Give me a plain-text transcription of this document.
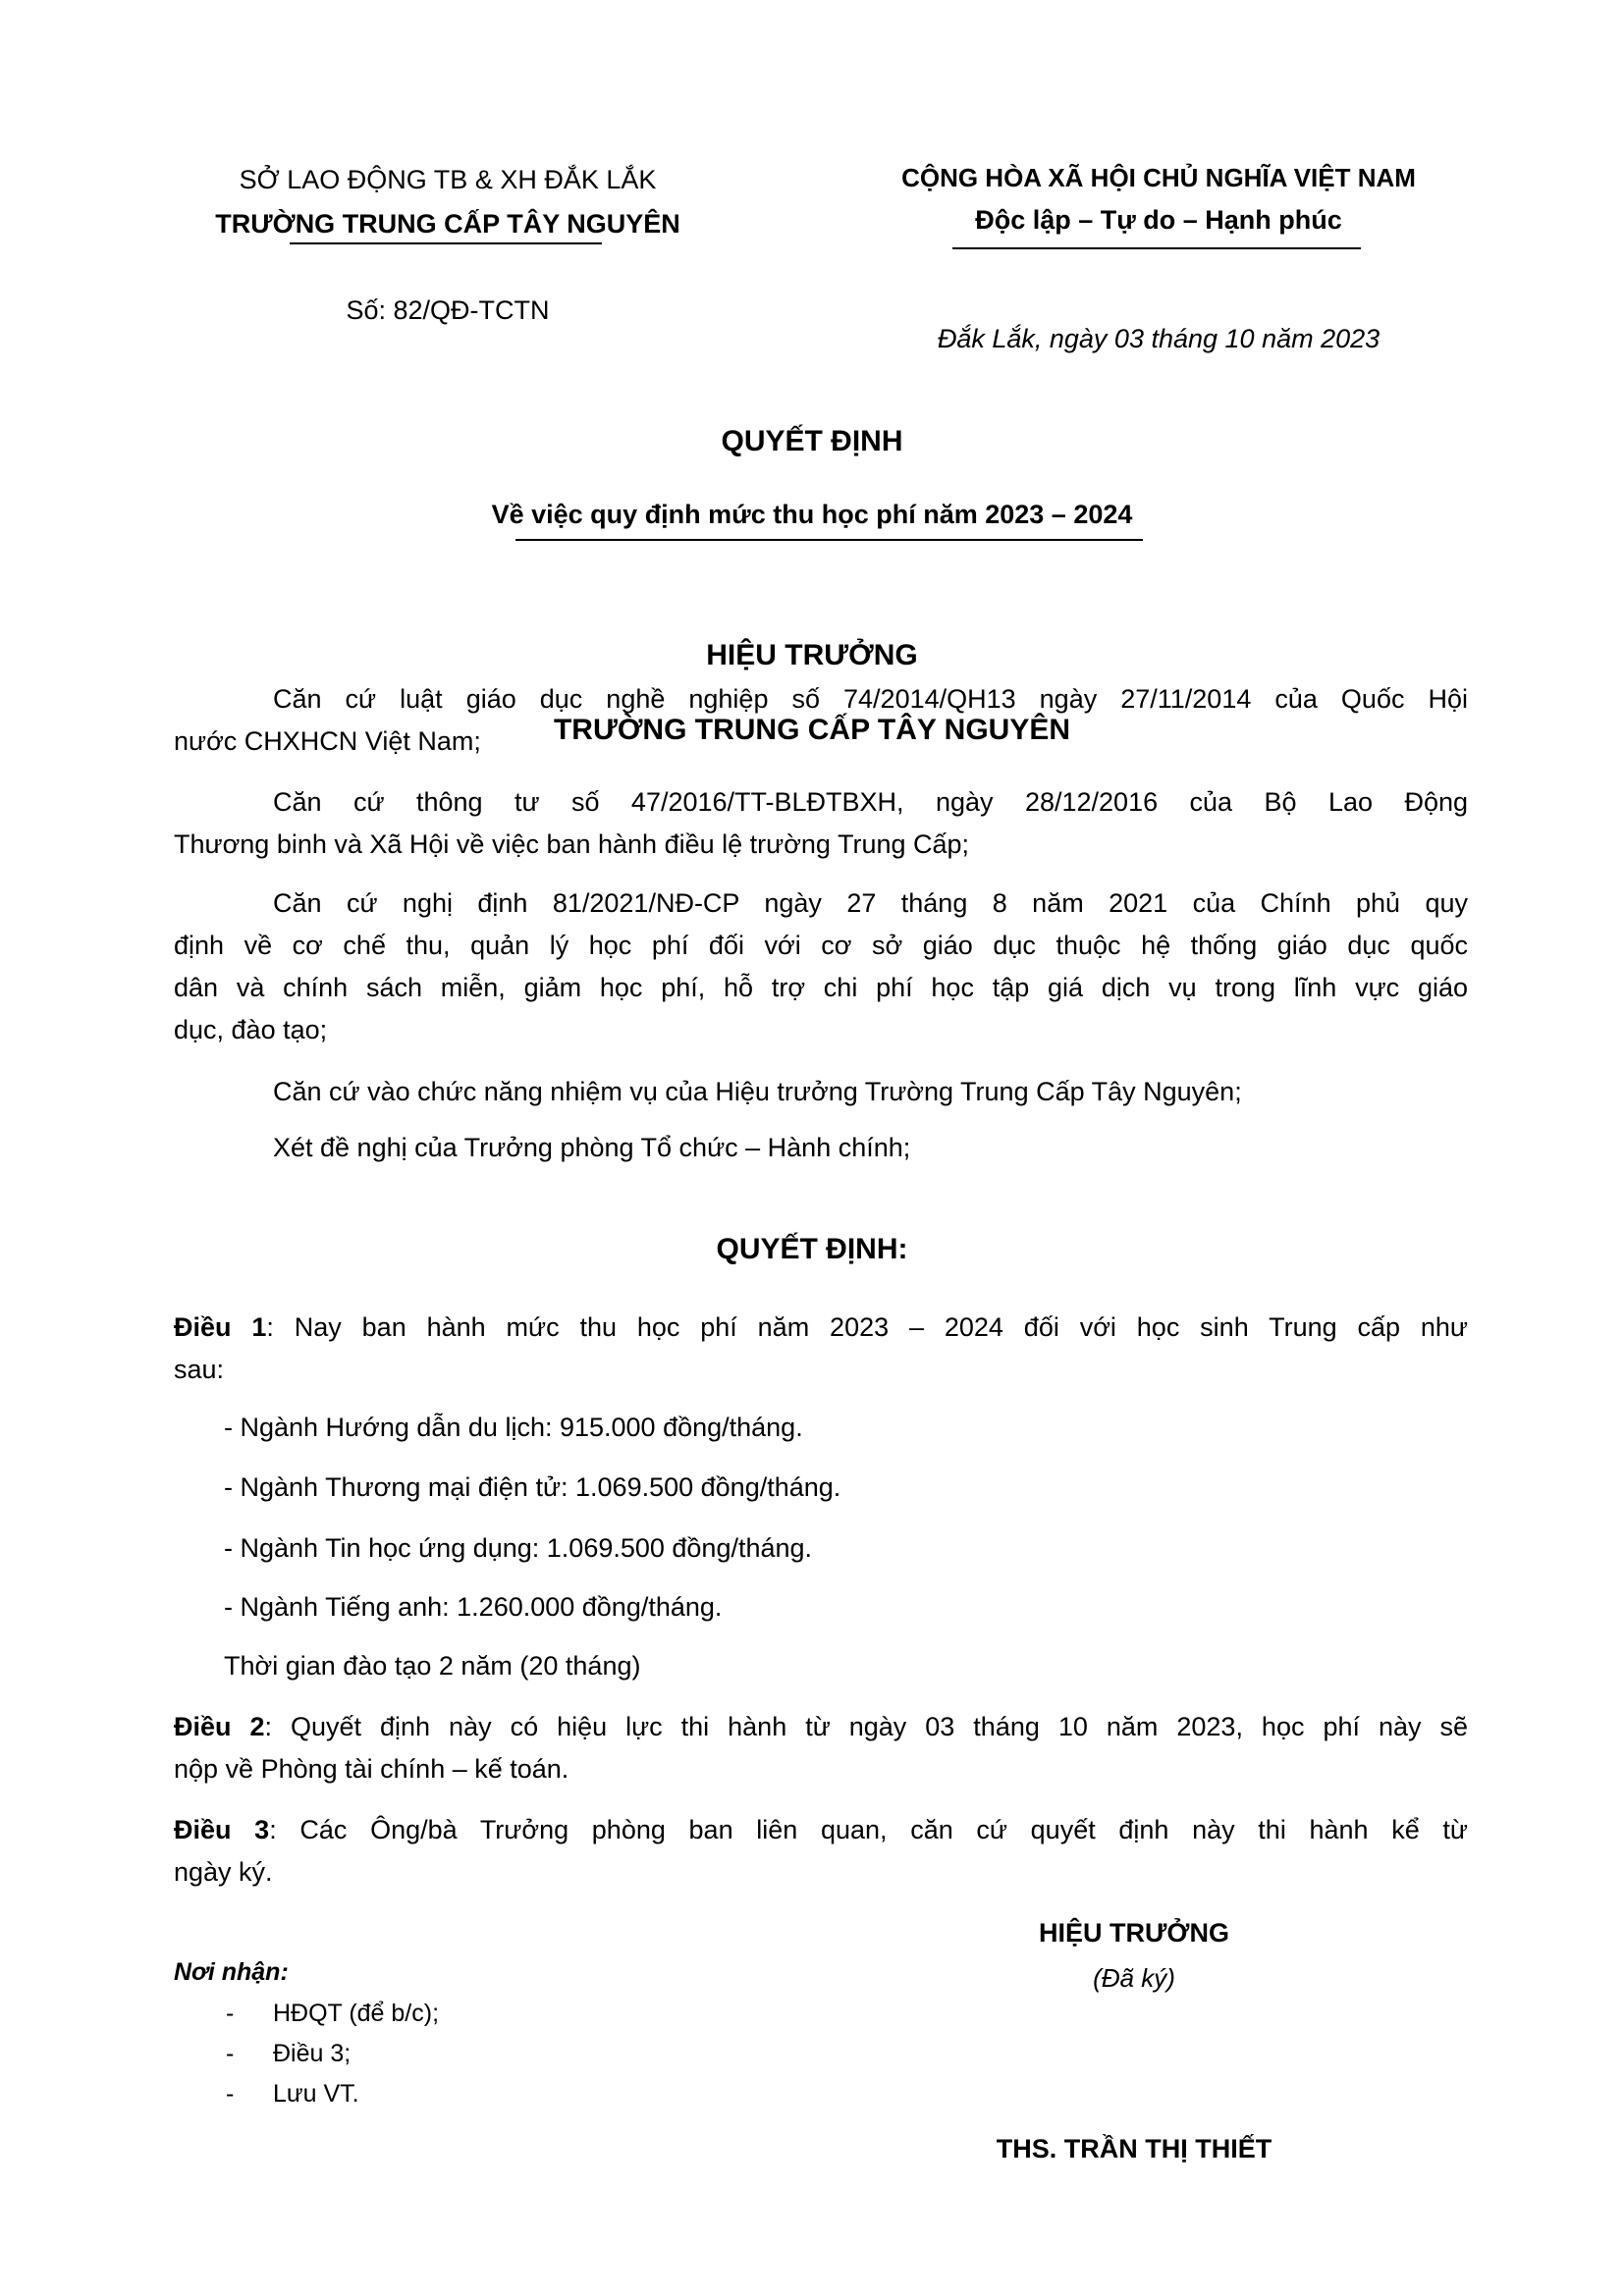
SỞ LAO ĐỘNG TB & XH ĐẮK LẮK
TRƯỜNG TRUNG CẤP TÂY NGUYÊN
Số: 82/QĐ-TCTN
CỘNG HÒA XÃ HỘI CHỦ NGHĨA VIỆT NAM
Độc lập – Tự do – Hạnh phúc
Đắk Lắk, ngày 03 tháng 10 năm 2023
QUYẾT ĐỊNH
Về việc quy định mức thu học phí năm 2023 – 2024
HIỆU TRƯỞNG
TRƯỜNG TRUNG CẤP TÂY NGUYÊN
Căn cứ luật giáo dục nghề nghiệp số 74/2014/QH13 ngày 27/11/2014 của Quốc Hội
nước CHXHCN Việt Nam;
Căn cứ thông tư số 47/2016/TT-BLĐTBXH, ngày 28/12/2016 của Bộ Lao Động
Thương binh và Xã Hội về việc ban hành điều lệ trường Trung Cấp;
Căn cứ nghị định 81/2021/NĐ-CP ngày 27 tháng 8 năm 2021 của Chính phủ quy
định về cơ chế thu, quản lý học phí đối với cơ sở giáo dục thuộc hệ thống giáo dục quốc
dân và chính sách miễn, giảm học phí, hỗ trợ chi phí học tập giá dịch vụ trong lĩnh vực giáo
dục, đào tạo;
Căn cứ vào chức năng nhiệm vụ của Hiệu trưởng Trường Trung Cấp Tây Nguyên;
Xét đề nghị của Trưởng phòng Tổ chức – Hành chính;
QUYẾT ĐỊNH:
Điều 1: Nay ban hành mức thu học phí năm 2023 – 2024 đối với học sinh Trung cấp như
sau:
- Ngành Hướng dẫn du lịch: 915.000 đồng/tháng.
- Ngành Thương mại điện tử: 1.069.500 đồng/tháng.
- Ngành Tin học ứng dụng: 1.069.500 đồng/tháng.
- Ngành Tiếng anh: 1.260.000 đồng/tháng.
Thời gian đào tạo 2 năm (20 tháng)
Điều 2: Quyết định này có hiệu lực thi hành từ ngày 03 tháng 10 năm 2023, học phí này sẽ
nộp về Phòng tài chính – kế toán.
Điều 3: Các Ông/bà Trưởng phòng ban liên quan, căn cứ quyết định này thi hành kể từ
ngày ký.
Nơi nhận:
- HĐQT (để b/c);
- Điều 3;
- Lưu VT.
HIỆU TRƯỞNG
(Đã ký)
THS. TRẦN THỊ THIẾT
